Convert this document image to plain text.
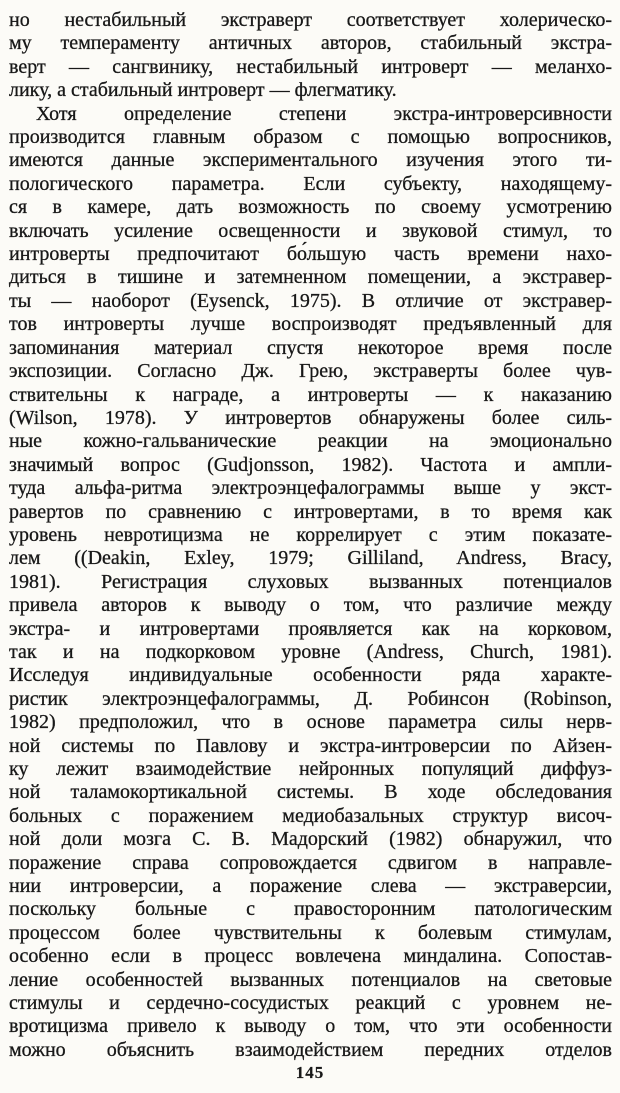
но нестабильный экстраверт соответствует холерическо-
му темпераменту античных авторов, стабильный экстра-
верт — сангвинику, нестабильный интроверт — меланхо-
лику, а стабильный интроверт — флегматику.
Хотя определение степени экстра-интроверсивности
производится главным образом с помощью вопросников,
имеются данные экспериментального изучения этого ти-
пологического параметра. Если субъекту, находящему-
ся в камере, дать возможность по своему усмотрению
включать усиление освещенности и звуковой стимул, то
интроверты предпочитают бо́льшую часть времени нахо-
диться в тишине и затемненном помещении, а экстравер-
ты — наоборот (Eysenck, 1975). В отличие от экстравер-
тов интроверты лучше воспроизводят предъявленный для
запоминания материал спустя некоторое время после
экспозиции. Согласно Дж. Грею, экстраверты более чув-
ствительны к награде, а интроверты — к наказанию
(Wilson, 1978). У интровертов обнаружены более силь-
ные кожно-гальванические реакции на эмоционально
значимый вопрос (Gudjonsson, 1982). Частота и ампли-
туда альфа-ритма электроэнцефалограммы выше у экст-
равертов по сравнению с интровертами, в то время как
уровень невротицизма не коррелирует с этим показате-
лем ((Deakin, Exley, 1979; Gilliland, Andress, Bracy,
1981). Регистрация слуховых вызванных потенциалов
привела авторов к выводу о том, что различие между
экстра- и интровертами проявляется как на корковом,
так и на подкорковом уровне (Andress, Church, 1981).
Исследуя индивидуальные особенности ряда характе-
ристик электроэнцефалограммы, Д. Робинсон (Robinson,
1982) предположил, что в основе параметра силы нерв-
ной системы по Павлову и экстра-интроверсии по Айзен-
ку лежит взаимодействие нейронных популяций диффуз-
ной таламокортикальной системы. В ходе обследования
больных с поражением медиобазальных структур височ-
ной доли мозга С. В. Мадорский (1982) обнаружил, что
поражение справа сопровождается сдвигом в направле-
нии интроверсии, а поражение слева — экстраверсии,
поскольку больные с правосторонним патологическим
процессом более чувствительны к болевым стимулам,
особенно если в процесс вовлечена миндалина. Сопостав-
ление особенностей вызванных потенциалов на световые
стимулы и сердечно-сосудистых реакций с уровнем не-
вротицизма привело к выводу о том, что эти особенности
можно объяснить взаимодействием передних отделов
145
